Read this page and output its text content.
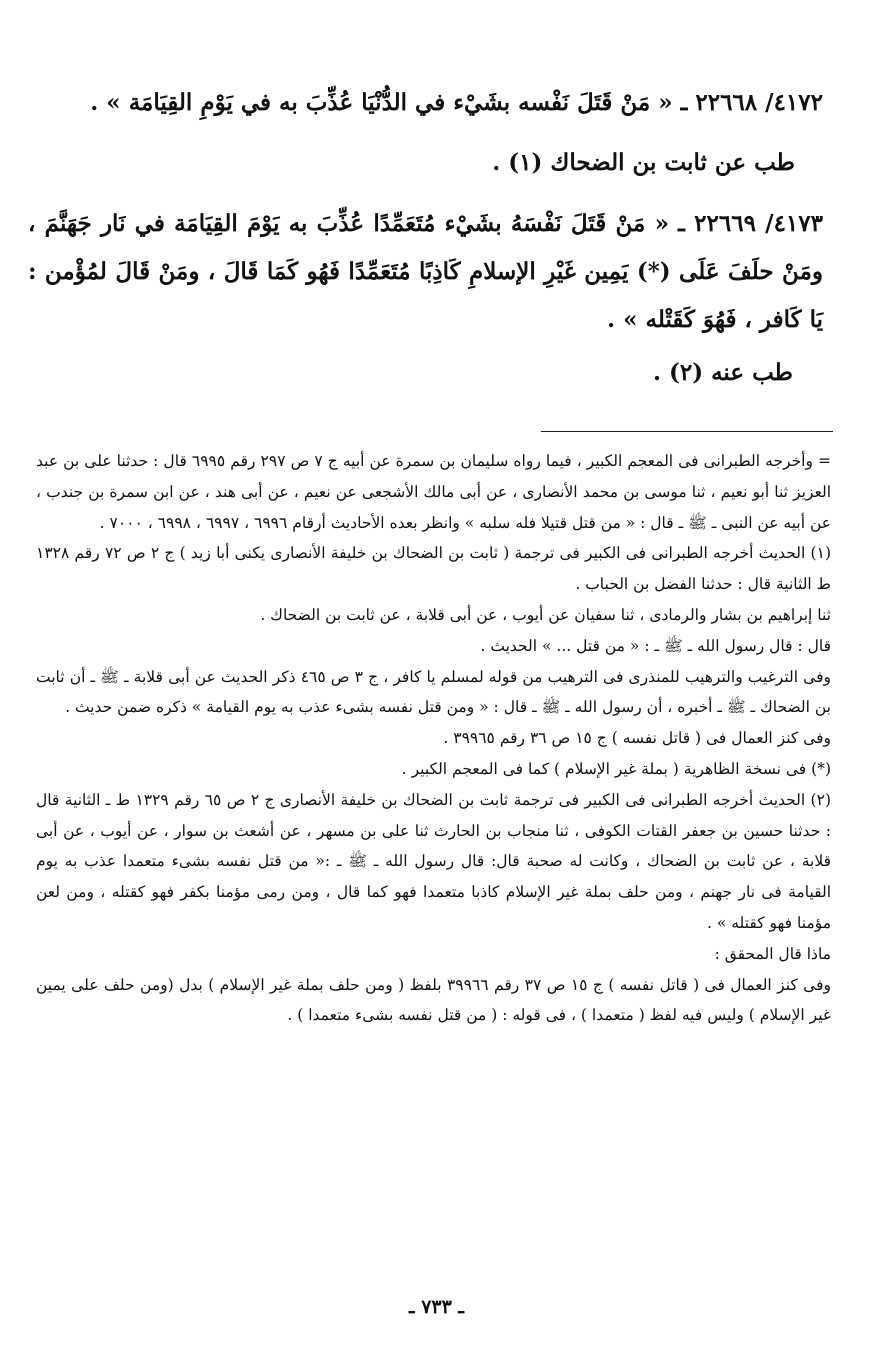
٤١٧٢/ ٢٢٦٦٨ ـ « مَنْ قَتَلَ نَفْسه بشَيْء في الدُّنْيَا عُذِّبَ به في يَوْمِ القِيَامَة » .

طب عن ثابت بن الضحاك (١) .

٤١٧٣/ ٢٢٦٦٩ ـ « مَنْ قَتَلَ نَفْسَهُ بشَيْء مُتَعَمِّدًا عُذِّبَ به يَوْمَ القِيَامَة في نَار جَهَنَّمَ ، ومَنْ حلَفَ عَلَى (*) يَمِين غَيْرِ الإسلامِ كَاذِبًا مُتَعَمِّدًا فَهُو كَمَا قَالَ ، ومَنْ قَالَ لمُؤْمن : يَا كَافر ، فَهُوَ كَقَتْله » .

طب عنه (٢) .

= وأخرجه الطبرانى فى المعجم الكبير ، فيما رواه سليمان بن سمرة عن أبيه ج ٧ ص ٢٩٧ رقم ٦٩٩٥ قال : حدثنا على بن عبد العزيز ثنا أبو نعيم ، ثنا موسى بن محمد الأنصارى ، عن أبى مالك الأشجعى عن نعيم ، عن أبى هند ، عن ابن سمرة بن جندب ، عن أبيه عن النبى ـ ﷺ ـ قال : « من قتل قتيلا فله سلبه » وانظر بعده الأحاديث أرقام ٦٩٩٦ ، ٦٩٩٧ ، ٦٩٩٨ ، ٧٠٠٠ .

(١) الحديث أخرجه الطبرانى فى الكبير فى ترجمة ( ثابت بن الضحاك بن خليفة الأنصارى يكنى أبا زيد ) ج ٢ ص ٧٢ رقم ١٣٢٨ ط الثانية قال : حدثنا الفضل بن الحباب .

ثنا إبراهيم بن بشار والرمادى ، ثنا سفيان عن أيوب ، عن أبى قلابة ، عن ثابت بن الضحاك .

قال : قال رسول الله ـ ﷺ ـ : « من قتل ... » الحديث .

وفى الترغيب والترهيب للمنذرى فى الترهيب من قوله لمسلم يا كافر ، ج ٣ ص ٤٦٥ ذكر الحديث عن أبى قلابة ـ ﷺ ـ أن ثابت بن الضحاك ـ ﷺ ـ أخبره ، أن رسول الله ـ ﷺ ـ قال : « ومن قتل نفسه بشىء عذب به يوم القيامة » ذكره ضمن حديث .

وفى كنز العمال فى ( قاتل نفسه ) ج ١٥ ص ٣٦ رقم ٣٩٩٦٥ .

(*) فى نسخة الظاهرية ( بملة غير الإسلام ) كما فى المعجم الكبير .

(٢) الحديث أخرجه الطبرانى فى الكبير فى ترجمة ثابت بن الضحاك بن خليفة الأنصارى ج ٢ ص ٦٥ رقم ١٣٢٩ ط ـ الثانية قال : حدثنا حسين بن جعفر القتات الكوفى ، ثنا منجاب بن الحارث ثنا على بن مسهر ، عن أشعث بن سوار ، عن أيوب ، عن أبى قلابة ، عن ثابت بن الضحاك ، وكانت له صحبة قال: قال رسول الله ـ ﷺ ـ :« من قتل نفسه بشىء متعمدا عذب به يوم القيامة فى نار جهنم ، ومن حلف بملة غير الإسلام كاذبا متعمدا فهو كما قال ، ومن رمى مؤمنا بكفر فهو كقتله ، ومن لعن مؤمنا فهو كقتله » .

ماذا قال المحقق :

وفى كنز العمال فى ( قاتل نفسه ) ج ١٥ ص ٣٧ رقم ٣٩٩٦٦ بلفظ ( ومن حلف بملة غير الإسلام ) بدل (ومن حلف على يمين غير الإسلام ) وليس فيه لفظ ( متعمدا ) ، فى قوله : ( من قتل نفسه بشىء متعمدا ) .

ـ ٧٣٣ ـ
